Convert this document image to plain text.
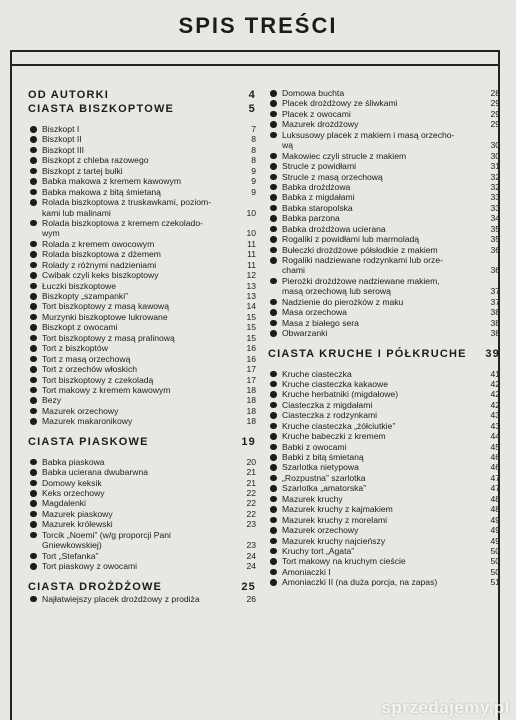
SPIS TREŚCI
OD AUTORKI	4
CIASTA BISZKOPTOWE	5
Biszkopt I	7
Biszkopt II	8
Biszkopt III	8
Biszkopt z chleba razowego	8
Biszkopt z tartej bułki	9
Babka makowa z kremem kawowym	9
Babka makowa z bitą śmietaną	9
Rolada biszkoptowa z truskawkami, poziom-
kami lub malinami	10
Rolada biszkoptowa z kremem czekolado-
wym	10
Rolada z kremem owocowym	11
Rolada biszkoptowa z dżemem	11
Rolady z różnymi nadzieniami	11
Cwibak czyli keks biszkoptowy	12
Łuczki biszkoptowe	13
Biszkopty „szampanki”	13
Tort biszkoptowy z masą kawową	14
Murzynki biszkoptowe lukrowane	15
Biszkopt z owocami	15
Tort biszkoptowy z masą pralinową	15
Tort z biszkoptów	16
Tort z masą orzechową	16
Tort z orzechów włoskich	17
Tort biszkoptowy z czekoladą	17
Tort makowy z kremem kawowym	18
Bezy	18
Mazurek orzechowy	18
Mazurek makaronikowy	18
CIASTA PIASKOWE	19
Babka piaskowa	20
Babka ucierana dwubarwna	21
Domowy keksik	21
Keks orzechowy	22
Magdalenki	22
Mazurek piaskowy	22
Mazurek królewski	23
Torcik „Noemi” (w/g proporcji Pani
Gniewkowskiej)	23
Tort „Stefanka”	24
Tort piaskowy z owocami	24
CIASTA DROŻDŻOWE	25
Najłatwiejszy placek drożdżowy z prodiża	26
Domowa buchta	28
Placek drożdżowy ze śliwkami	29
Placek z owocami	29
Mazurek drożdżowy	29
Luksusowy placek z makiem i masą orzecho-
wą	30
Makowiec czyli strucle z makiem	30
Strucle z powidłami	31
Strucle z masą orzechową	32
Babka drożdżowa	32
Babka z migdałami	33
Babka staropolska	33
Babka parzona	34
Babka drożdżowa ucierana	35
Rogaliki z powidłami lub marmoladą	35
Bułeczki drożdżowe półsłodkie z makiem	36
Rogaliki nadziewane rodzynkami lub orze-
chami	36
Pierożki drożdżowe nadziewane makiem,
masą orzechową lub serową	37
Nadzienie do pierożków z maku	37
Masa orzechowa	38
Masa z białego sera	38
Obwarzanki	38
CIASTA KRUCHE I PÓŁKRUCHE 39
Kruche ciasteczka	41
Kruche ciasteczka kakaowe	42
Kruche herbatniki (migdałowe)	42
Ciasteczka z migdałami	42
Ciasteczka z rodzynkami	43
Kruche ciasteczka „żółciutkie”	43
Kruche babeczki z kremem	44
Babki z owocami	45
Babki z bitą śmietaną	46
Szarlotka nietypowa	46
„Rozpustna” szarlotka	47
Szarlotka „amatorska”	47
Mazurek kruchy	48
Mazurek kruchy z kajmakiem	48
Mazurek kruchy z morelami	49
Mazurek orzechowy	49
Mazurek kruchy najcieńszy	49
Kruchy tort „Agata”	50
Tort makowy na kruchym cieście	50
Amoniaczki I	50
Amoniaczki II (na duża porcja, na zapas)	51
sprzedajemy.pl
